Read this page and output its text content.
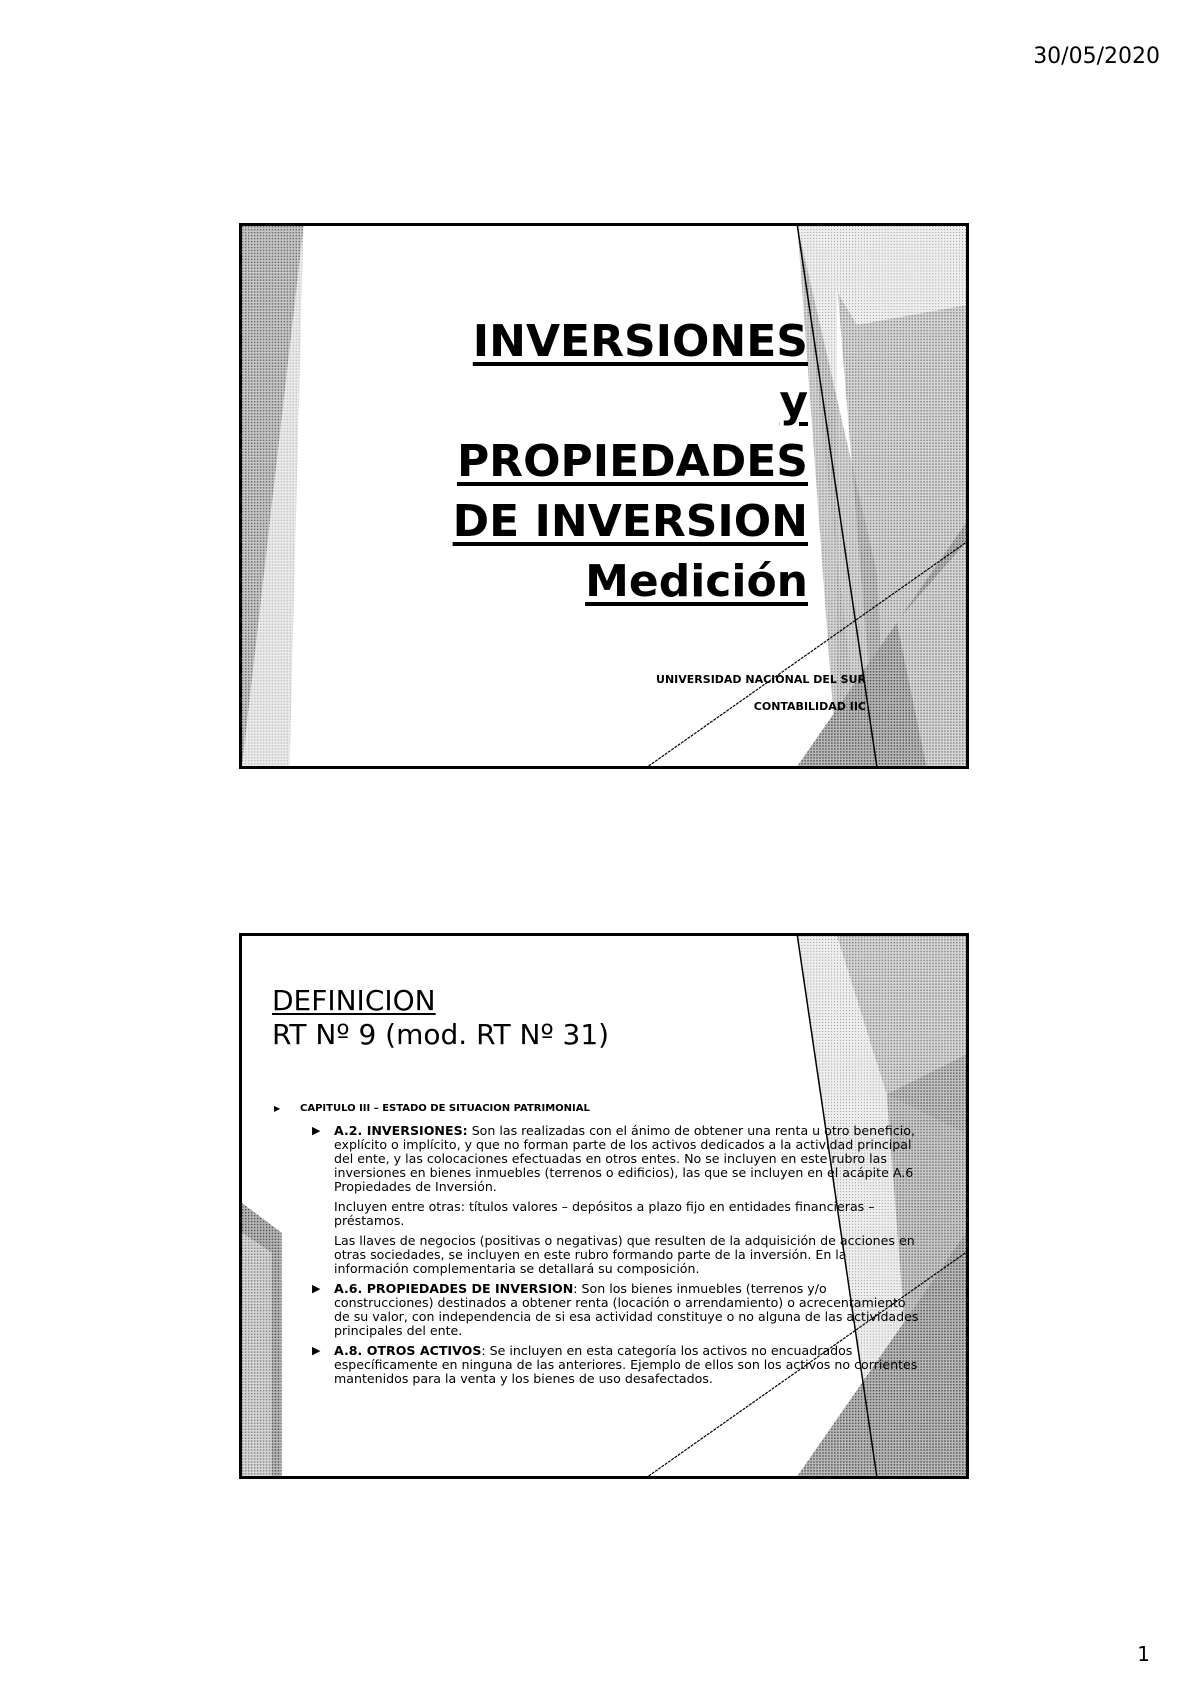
30/05/2020
INVERSIONES
y
PROPIEDADES
DE INVERSION
Medición
UNIVERSIDAD NACIONAL DEL SUR
CONTABILIDAD IIC
DEFINICION
RT Nº 9 (mod. RT Nº 31)
▶ CAPITULO III – ESTADO DE SITUACION PATRIMONIAL
▶ A.2. INVERSIONES: Son las realizadas con el ánimo de obtener una renta u otro beneficio, explícito o implícito, y que no forman parte de los activos dedicados a la actividad principal del ente, y las colocaciones efectuadas en otros entes. No se incluyen en este rubro las inversiones en bienes inmuebles (terrenos o edificios), las que se incluyen en el acápite A.6 Propiedades de Inversión.
Incluyen entre otras: títulos valores – depósitos a plazo fijo en entidades financieras – préstamos.
Las llaves de negocios (positivas o negativas) que resulten de la adquisición de acciones en otras sociedades, se incluyen en este rubro formando parte de la inversión. En la información complementaria se detallará su composición.
▶ A.6. PROPIEDADES DE INVERSION: Son los bienes inmuebles (terrenos y/o construcciones) destinados a obtener renta (locación o arrendamiento) o acrecentamiento de su valor, con independencia de si esa actividad constituye o no alguna de las actividades principales del ente.
▶ A.8. OTROS ACTIVOS: Se incluyen en esta categoría los activos no encuadrados específicamente en ninguna de las anteriores. Ejemplo de ellos son los activos no corrientes mantenidos para la venta y los bienes de uso desafectados.
1
